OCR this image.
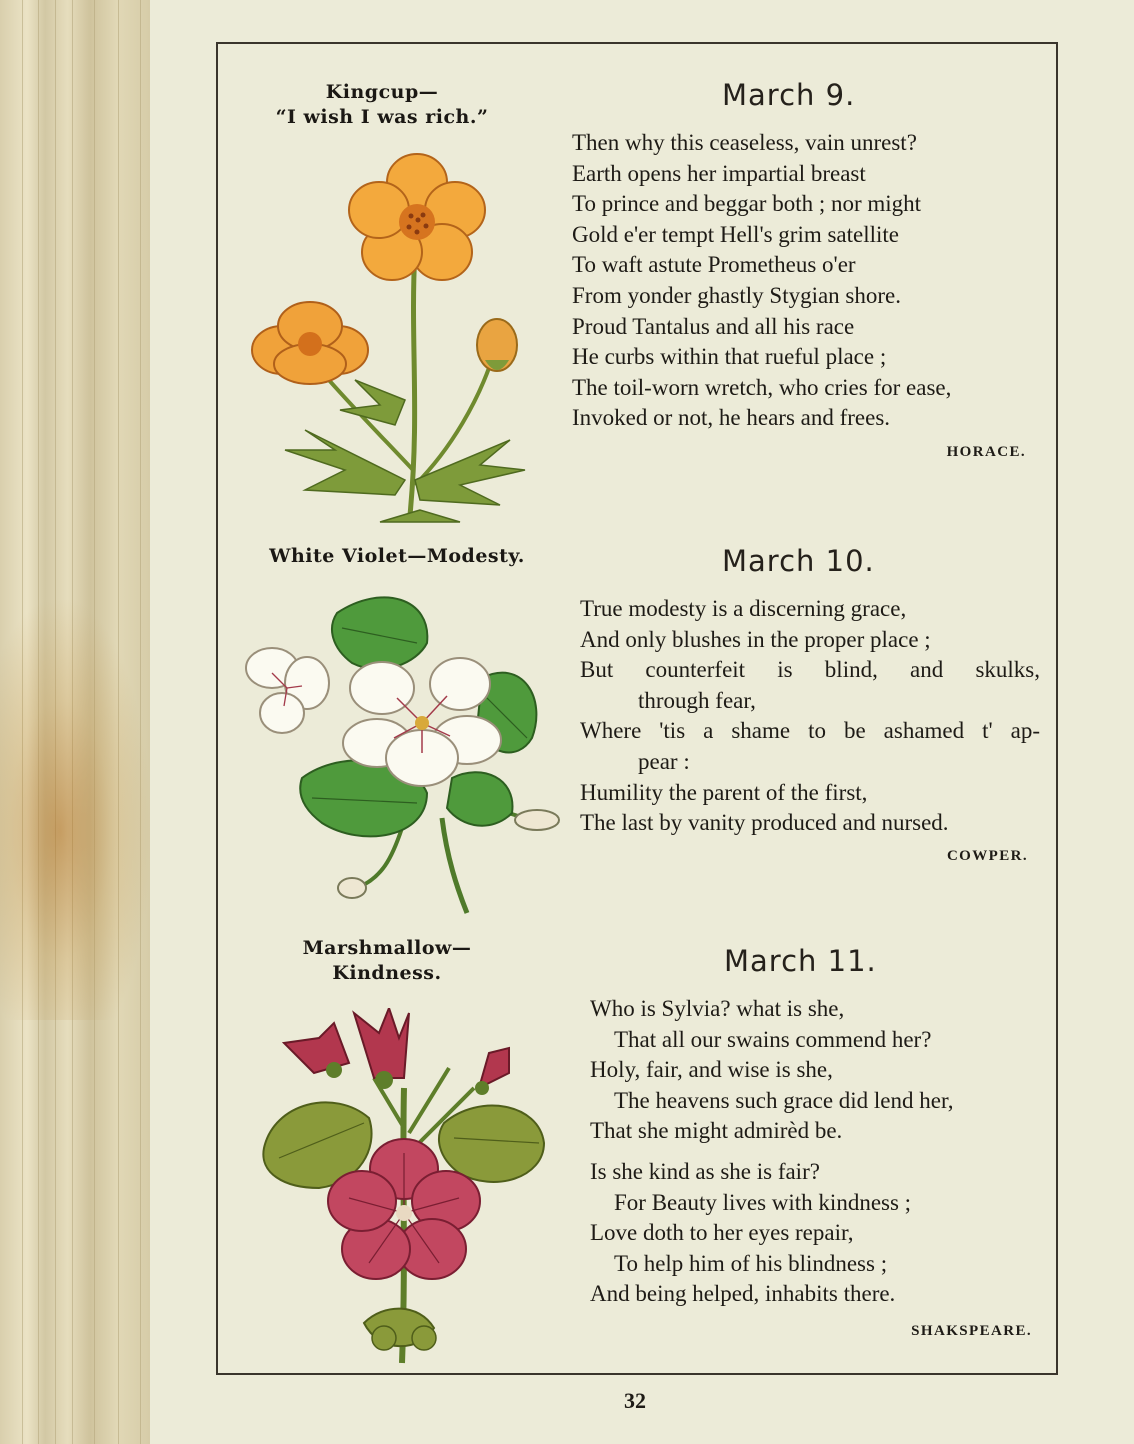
Kingcup—
“I wish I was rich.”
March 9.
Then why this ceaseless, vain unrest?
Earth opens her impartial breast
To prince and beggar both ; nor might
Gold e'er tempt Hell's grim satellite
To waft astute Prometheus o'er
From yonder ghastly Stygian shore.
Proud Tantalus and all his race
He curbs within that rueful place ;
The toil-worn wretch, who cries for ease,
Invoked or not, he hears and frees.
HORACE.
White Violet—Modesty.	March 10.
True modesty is a discerning grace,
And only blushes in the proper place ;
But counterfeit is blind, and skulks,
through fear,
Where 'tis a shame to be ashamed t' ap-
pear :
Humility the parent of the first,
The last by vanity produced and nursed.
COWPER.
Marshmallow—
Kindness.	March 11.
Who is Sylvia? what is she,
That all our swains commend her?
Holy, fair, and wise is she,
The heavens such grace did lend her,
That she might admirèd be.
Is she kind as she is fair?
For Beauty lives with kindness ;
Love doth to her eyes repair,
To help him of his blindness ;
And being helped, inhabits there.
SHAKSPEARE.
32
